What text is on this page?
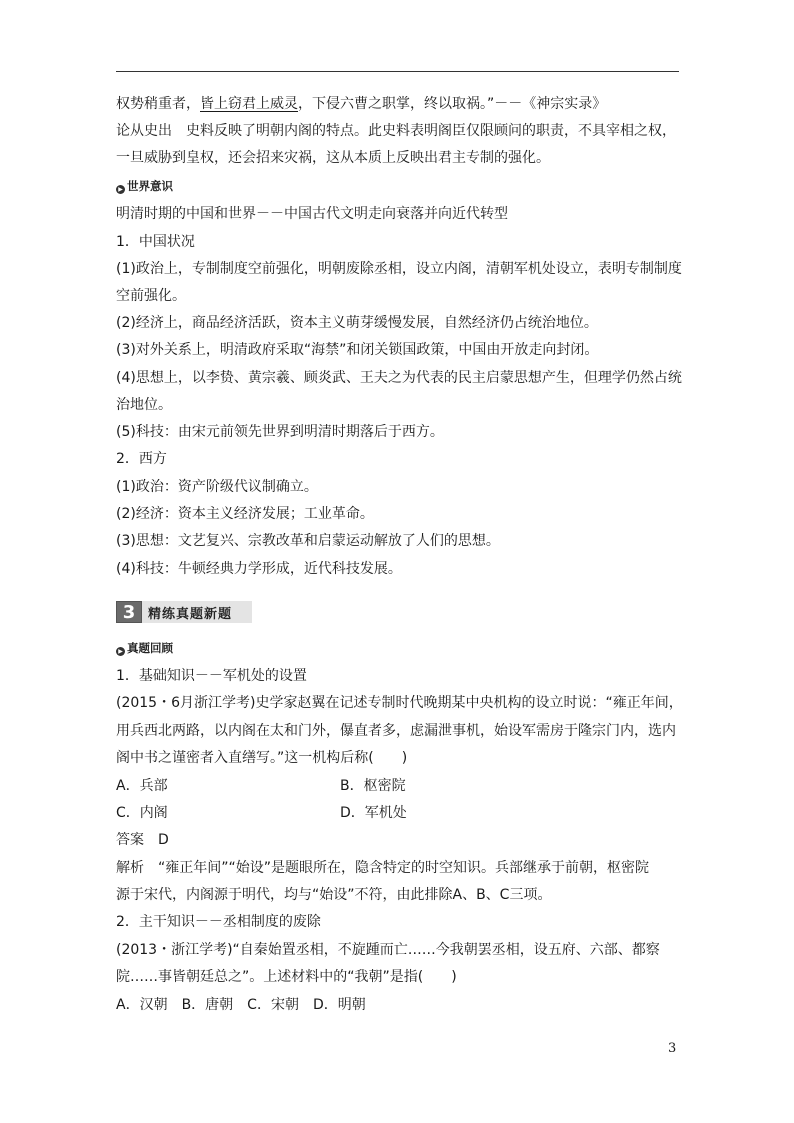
权势稍重者，皆上窃君上威灵，下侵六曹之职掌，终以取祸。”－－《神宗实录》
论从史出　史料反映了明朝内阁的特点。此史料表明阁臣仅限顾问的职责，不具宰相之权，
一旦威胁到皇权，还会招来灾祸，这从本质上反映出君主专制的强化。
▶ 世界意识
明清时期的中国和世界－－中国古代文明走向衰落并向近代转型
1．中国状况
(1)政治上，专制制度空前强化，明朝废除丞相，设立内阁，清朝军机处设立，表明专制制度
空前强化。
(2)经济上，商品经济活跃，资本主义萌芽缓慢发展，自然经济仍占统治地位。
(3)对外关系上，明清政府采取“海禁”和闭关锁国政策，中国由开放走向封闭。
(4)思想上，以李贽、黄宗羲、顾炎武、王夫之为代表的民主启蒙思想产生，但理学仍然占统
治地位。
(5)科技：由宋元前领先世界到明清时期落后于西方。
2．西方
(1)政治：资产阶级代议制确立。
(2)经济：资本主义经济发展；工业革命。
(3)思想：文艺复兴、宗教改革和启蒙运动解放了人们的思想。
(4)科技：牛顿经典力学形成，近代科技发展。
3 精练真题新题
▶ 真题回顾
1．基础知识－－军机处的设置
(2015・6月浙江学考)史学家赵翼在记述专制时代晚期某中央机构的设立时说：“雍正年间，
用兵西北两路，以内阁在太和门外，儤直者多，虑漏泄事机，始设军需房于隆宗门内，选内
阁中书之谨密者入直缮写。”这一机构后称(　　)
A．兵部	B．枢密院
C．内阁	D．军机处
答案　D
解析　“雍正年间”“始设”是题眼所在，隐含特定的时空知识。兵部继承于前朝，枢密院
源于宋代，内阁源于明代，均与“始设”不符，由此排除A、B、C三项。
2．主干知识－－丞相制度的废除
(2013・浙江学考)“自秦始置丞相，不旋踵而亡……今我朝罢丞相，设五府、六部、都察
院……事皆朝廷总之”。上述材料中的“我朝”是指(　　)
A．汉朝　B．唐朝　C．宋朝　D．明朝
3
